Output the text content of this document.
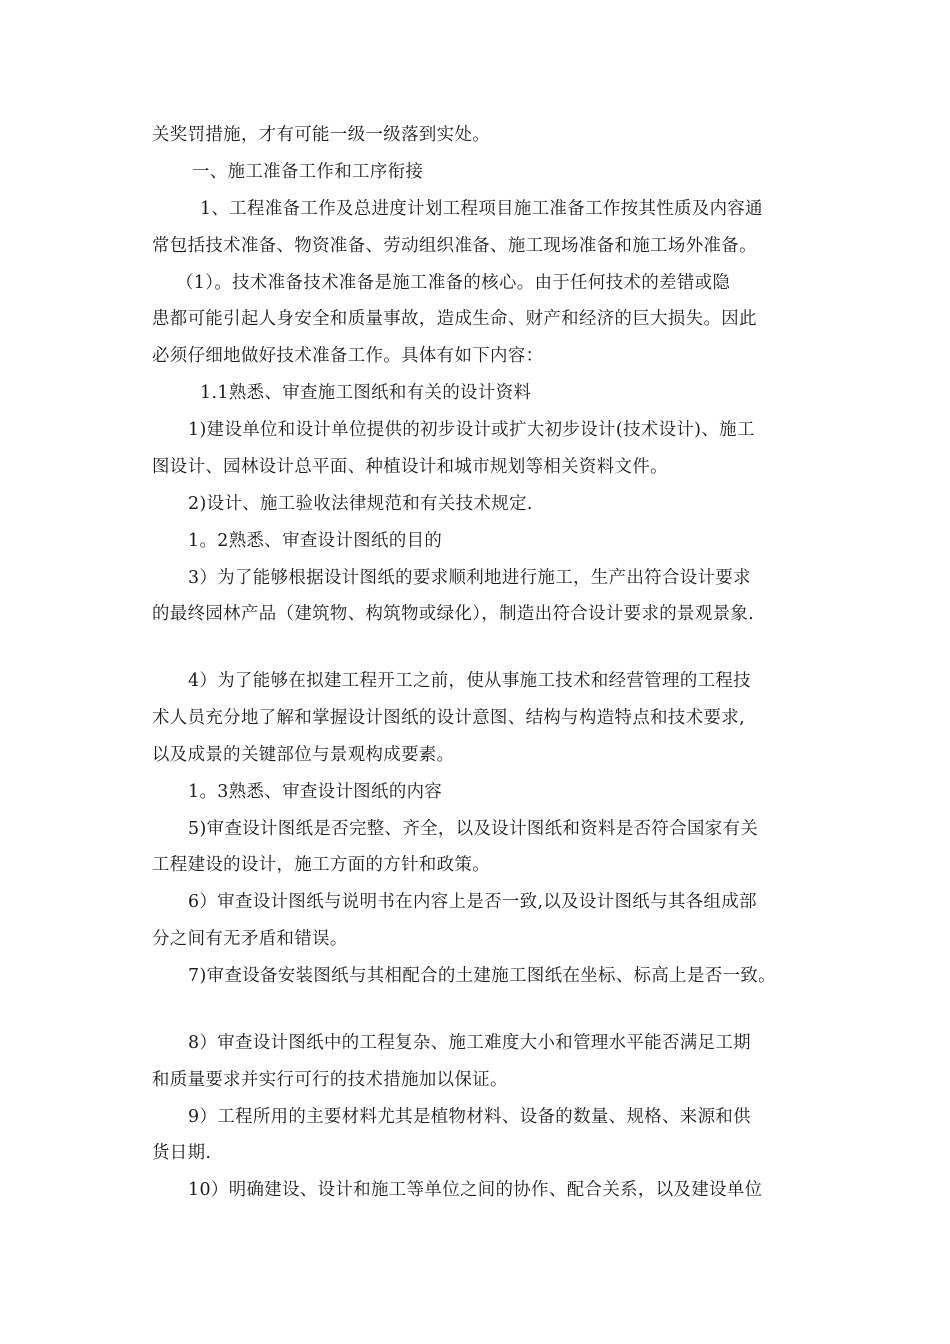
关奖罚措施，才有可能一级一级落到实处。
一、施工准备工作和工序衔接
1、工程准备工作及总进度计划工程项目施工准备工作按其性质及内容通
常包括技术准备、物资准备、劳动组织准备、施工现场准备和施工场外准备。
（1）。技术准备技术准备是施工准备的核心。由于任何技术的差错或隐
患都可能引起人身安全和质量事故，造成生命、财产和经济的巨大损失。因此
必须仔细地做好技术准备工作。具体有如下内容：
1.1熟悉、审查施工图纸和有关的设计资料
1)建设单位和设计单位提供的初步设计或扩大初步设计(技术设计)、施工
图设计、园林设计总平面、种植设计和城市规划等相关资料文件。
2)设计、施工验收法律规范和有关技术规定.
1。2熟悉、审查设计图纸的目的
3）为了能够根据设计图纸的要求顺利地进行施工，生产出符合设计要求
的最终园林产品（建筑物、构筑物或绿化），制造出符合设计要求的景观景象.
4）为了能够在拟建工程开工之前，使从事施工技术和经营管理的工程技
术人员充分地了解和掌握设计图纸的设计意图、结构与构造特点和技术要求,
以及成景的关键部位与景观构成要素。
1。3熟悉、审查设计图纸的内容
5)审查设计图纸是否完整、齐全，以及设计图纸和资料是否符合国家有关
工程建设的设计，施工方面的方针和政策。
6）审查设计图纸与说明书在内容上是否一致,以及设计图纸与其各组成部
分之间有无矛盾和错误。
7)审查设备安装图纸与其相配合的土建施工图纸在坐标、标高上是否一致。
8）审查设计图纸中的工程复杂、施工难度大小和管理水平能否满足工期
和质量要求并实行可行的技术措施加以保证。
9）工程所用的主要材料尤其是植物材料、设备的数量、规格、来源和供
货日期.
10）明确建设、设计和施工等单位之间的协作、配合关系，以及建设单位
